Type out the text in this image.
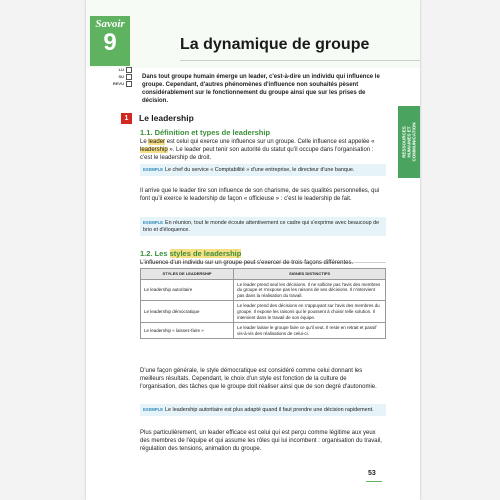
Savoir
9	La dynamique de groupe
LU
SU
REVU
Dans tout groupe humain émerge un leader, c'est-à-dire un individu qui influence le groupe. Cependant, d'autres phénomènes d'influence non souhaités pèsent considérablement sur le fonctionnement du groupe ainsi que sur les prises de décision.
RESSOURCES
HUMAINES ET
COMMUNICATION
1	Le leadership
1.1. Définition et types de leadership
Le leader est celui qui exerce une influence sur un groupe. Celle influence est appelée « leadership ». Le leader peut tenir son autorité du statut qu'il occupe dans l'organisation : c'est le leadership de droit.
EXEMPLE Le chef du service « Comptabilité » d'une entreprise, le directeur d'une banque.
Il arrive que le leader tire son influence de son charisme, de ses qualités personnelles, qui font qu'il exerce le leadership de façon « officieuse » : c'est le leadership de fait.
EXEMPLE En réunion, tout le monde écoute attentivement ce cadre qui s'exprime avec beaucoup de brio et d'éloquence.
1.2. Les styles de leadership
L'influence d'un individu sur un groupe peut s'exercer de trois façons différentes.
STYLES DE LEADERSHIP	SIGNES DISTINCTIFS
Le leadership autoritaire	Le leader prend seul les décisions. Il ne sollicite pas l'avis des membres du groupe et n'expose pas les raisons de ses décisions. Il n'intervient pas dans la réalisation du travail.
Le leadership démocratique	Le leader prend des décisions en s'appuyant sur l'avis des membres du groupe. Il expose les raisons qui le poussent à choisir telle solution. Il intervient dans le travail de son équipe.
Le leadership « laissez-faire »	Le leader laisse le groupe faire ce qu'il veut. Il reste en retrait et passif vis-à-vis des réalisations de celui-ci.
D'une façon générale, le style démocratique est considéré comme celui donnant les meilleurs résultats. Cependant, le choix d'un style est fonction de la culture de l'organisation, des tâches que le groupe doit réaliser ainsi que de son degré d'autonomie.
EXEMPLE Le leadership autoritaire est plus adapté quand il faut prendre une décision rapidement.
Plus particulièrement, un leader efficace est celui qui est perçu comme légitime aux yeux des membres de l'équipe et qui assume les rôles qui lui incombent : organisation du travail, régulation des tensions, animation du groupe.
53
